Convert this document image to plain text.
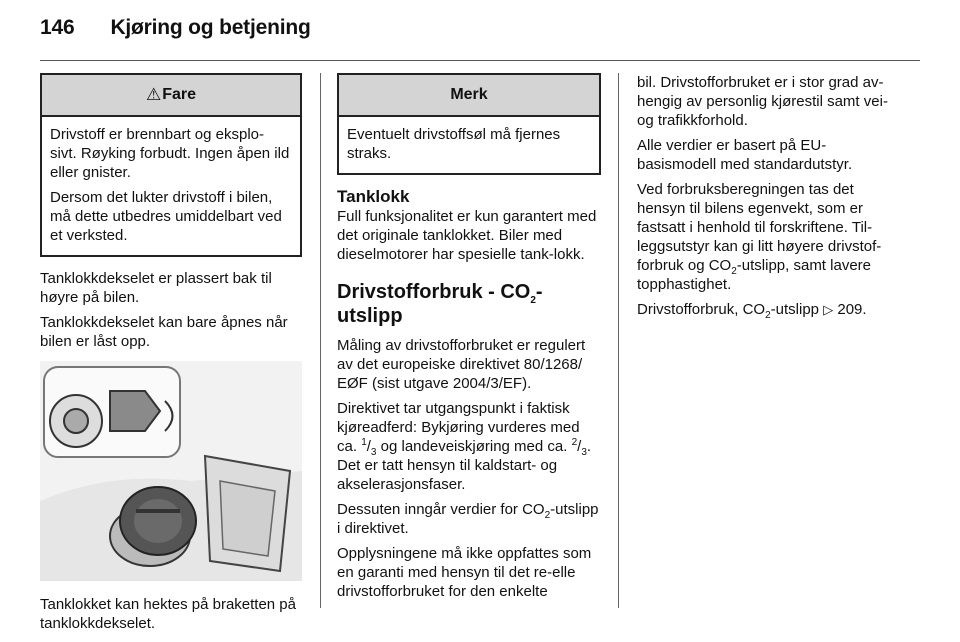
146 Kjøring og betjening
⚠Fare

Drivstoff er brennbart og eksplo-sivt. Røyking forbudt. Ingen åpen ild eller gnister.

Dersom det lukter drivstoff i bilen, må dette utbedres umiddelbart ved et verksted.

Tanklokkdekselet er plassert bak til høyre på bilen.

Tanklokkdekselet kan bare åpnes når bilen er låst opp.

Tanklokket kan hektes på braketten på tanklokkdekselet.

Merk

Eventuelt drivstoffsøl må fjernes straks.

Tanklokk

Full funksjonalitet er kun garantert med det originale tanklokket. Biler med dieselmotorer har spesielle tank-lokk.

Drivstofforbruk - $CO_2$-utslipp

Måling av drivstofforbruket er regulert av det europeiske direktivet 80/1268/ EØF (sist utgave 2004/3/EF).

Direktivet tar utgangspunkt i faktisk kjøreadferd: Bykjøring vurderes med ca. $^1/_3$ og landeveiskjøring med ca. $^2/_3$. Det er tatt hensyn til kaldstart- og akselerasjonsfaser.

Dessuten inngår verdier for $CO_2$-utslipp i direktivet.

Opplysningene må ikke oppfattes som en garanti med hensyn til det re-elle drivstofforbruket for den enkelte

bil. Drivstofforbruket er i stor grad av-hengig av personlig kjørestil samt vei- og trafikkforhold.

Alle verdier er basert på EU-basismodell med standardutstyr.

Ved forbruksberegningen tas det hensyn til bilens egenvekt, som er fastsatt i henhold til forskriftene. Til-leggsutstyr kan gi litt høyere drivstof-forbruk og $CO_2$-utslipp, samt lavere topphastighet.

Drivstofforbruk, $CO_2$-utslipp ▷ 209.
